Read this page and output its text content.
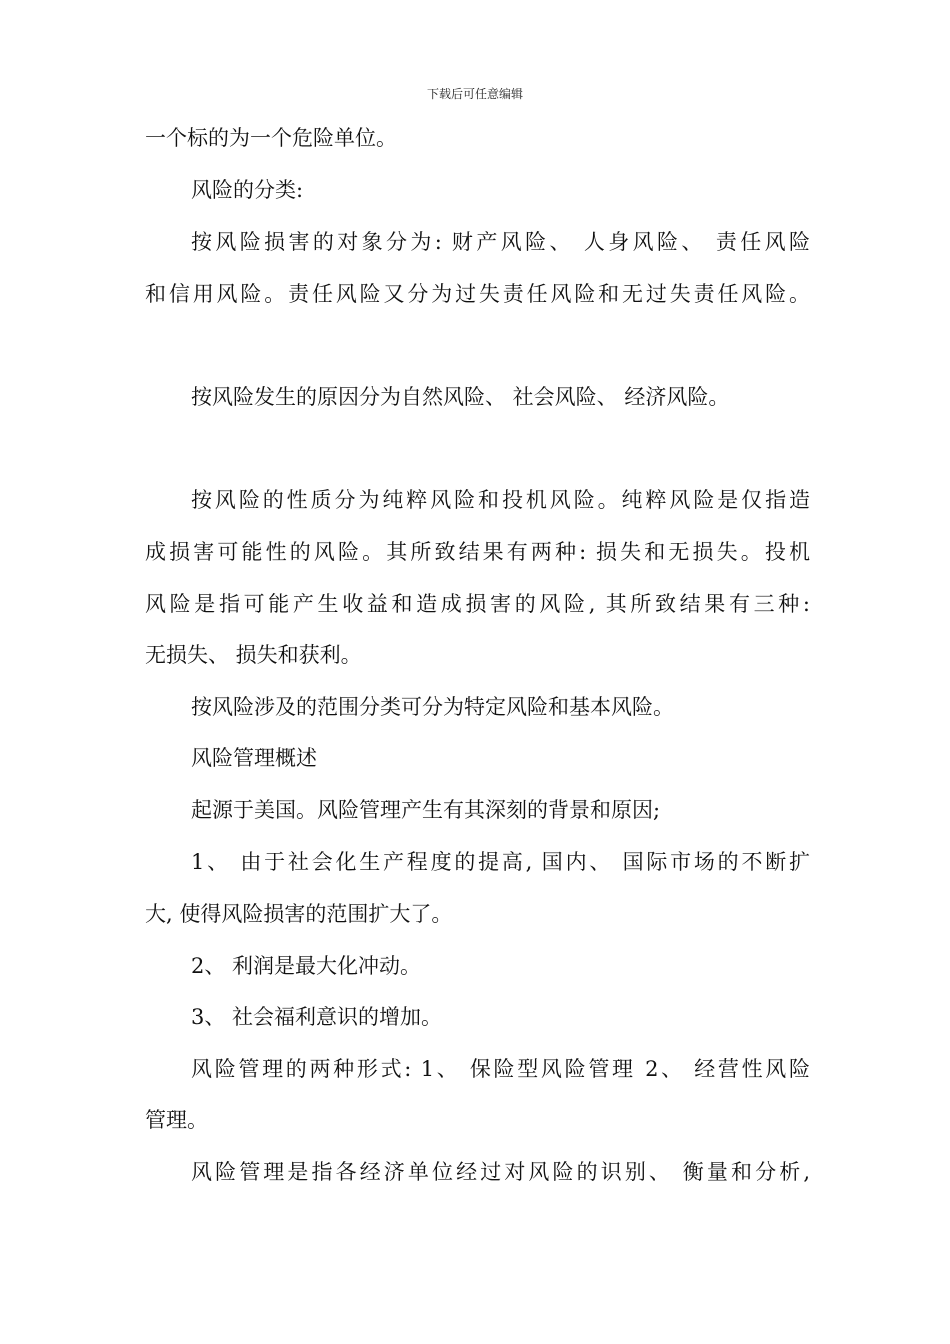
下载后可任意编辑
一个标的为一个危险单位。
风险的分类:
按风险损害的对象分为: 财产风险、 人身风险、 责任风险
和信用风险。责任风险又分为过失责任风险和无过失责任风险。
按风险发生的原因分为自然风险、 社会风险、 经济风险。
按风险的性质分为纯粹风险和投机风险。纯粹风险是仅指造
成损害可能性的风险。其所致结果有两种: 损失和无损失。投机
风险是指可能产生收益和造成损害的风险, 其所致结果有三种:
无损失、 损失和获利。
按风险涉及的范围分类可分为特定风险和基本风险。
风险管理概述
起源于美国。风险管理产生有其深刻的背景和原因;
1、 由于社会化生产程度的提高, 国内、 国际市场的不断扩
大, 使得风险损害的范围扩大了。
2、 利润是最大化冲动。
3、 社会福利意识的增加。
风险管理的两种形式: 1、 保险型风险管理 2、 经营性风险
管理。
风险管理是指各经济单位经过对风险的识别、 衡量和分析,
